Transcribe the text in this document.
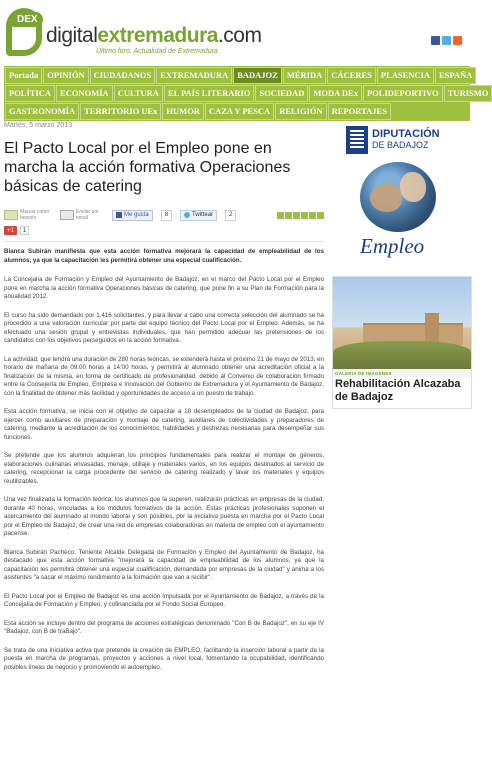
DEX
digitalextremadura.com
Último foro. Actualidad de Extremadura
Portada	OPINIÓN	CIUDADANOS	EXTREMADURA	BADAJOZ	MÉRIDA	CÁCERES	PLASENCIA	ESPAÑA
POLÍTICA	ECONOMÍA	CULTURA	EL PAÍS LITERARIO	SOCIEDAD	MODA DEx	POLIDEPORTIVO	TURISMO
GASTRONOMÍA	TERRITORIO UEx	HUMOR	CAZA Y PESCA	RELIGIÓN	REPORTAJES
Martes, 5 marzo 2013
El Pacto Local por el Empleo pone en marcha la acción formativa Operaciones básicas de catering
Marcar como favorito
Enviar por email	Me gusta	8	Twittear	2
+1	1

Blanca Subirán manifiesta que esta acción formativa mejorará la capacidad de empleabilidad de los alumnos, ya que la capacitación les permitirá obtener una especial cualificación.

La Concejalía de Formación y Empleo del Ayuntamiento de Badajoz, en el marco del Pacto Local por el Empleo pone en marcha la acción formativa Operaciones básicas de catering, que pone fin a su Plan de Formación para la anualidad 2012.

El curso ha sido demandado por 1.416 solicitantes, y para llevar a cabo una correcta selección del alumnado se ha procedido a una valoración curricular por parte del equipo técnico del Pacto Local por el Empleo. Además, se ha efectuado una sesión grupal y entrevistas individuales, que han permitido adecuar las pretensiones de los candidatos con los objetivos perseguidos en la acción formativa.

La actividad, que tendrá una duración de 280 horas teóricas, se extenderá hasta el próximo 21 de mayo de 2013, en horario de mañana de 09:00 horas a 14:00 horas, y permitirá al alumnado obtener una acreditación oficial a la finalización de la misma, en forma de certificado de profesionalidad, debido al Convenio de colaboración firmado entre la Consejería de Empleo, Empresa e Innovación del Gobierno de Extremadura y el Ayuntamiento de Badajoz, con la finalidad de obtener más facilidad y oportunidades de acceso a un puesto de trabajo.

Esta acción formativa, se inicia con el objetivo de capacitar a 18 desempleados de la ciudad de Badajoz, para ejercer como auxiliares de preparación y montaje de catering, auxiliares de colectividades y preparadores de catering, mediante la acreditación de los conocimientos, habilidades y destrezas necesarias para desempeñar sus funciones.

Se pretende que los alumnos adquieran los principios fundamentales para realizar el montaje de géneros, elaboraciones culinarias envasadas, menaje, utillaje y materiales varios, en los equipos destinados al servicio de catering, recepcionar la carga procedente del servicio de catering realizado y lavar los materiales y equipos reutilizables.

Una vez finalizada la formación teórica, los alumnos que la superen, realizarán prácticas en empresas de la ciudad, durante 40 horas, vinculadas a los módulos formativos de la acción. Estas prácticas profesionales suponen el acercamiento del alumnado al mundo laboral y son posibles, por la iniciativa puesta en marcha por el Pacto Local por el Empleo de Badajoz, de crear una red de empresas colaboradoras en materia de empleo con el ayuntamiento pacense.

Blanca Subirán Pacheco, Teniente Alcalde Delegada de Formación y Empleo del Ayuntamiento de Badajoz, ha destacado que esta acción formativa "mejorará la capacidad de empleabilidad de los alumnos, ya que la capacitación les permitirá obtener una especial cualificación, demandada por empresas de la ciudad" y anima a los asistentes "a sacar el máximo rendimiento a la formación que van a recibir".

El Pacto Local por el Empleo de Badajoz es una acción impulsada por el Ayuntamiento de Badajoz, a través de la Concejalía de Formación y Empleo, y cofinanciada por el Fondo Social Europeo.

Esta acción se incluye dentro del programa de acciones estratégicas denominado "Con B de Badajoz", en su eje IV "Badajoz, con B de traBajo".

Se trata de una iniciativa activa que pretende la creación de EMPLEO, facilitando la inserción laboral a partir de la puesta en marcha de programas, proyectos y acciones a nivel local, fomentando la ocupabilidad, identificando posibles líneas de negocio y promoviendo el autoempleo.

DIPUTACIÓN
DE BADAJOZ
Empleo
GALERÍA DE IMÁGENES
Rehabilitación Alcazaba de Badajoz
